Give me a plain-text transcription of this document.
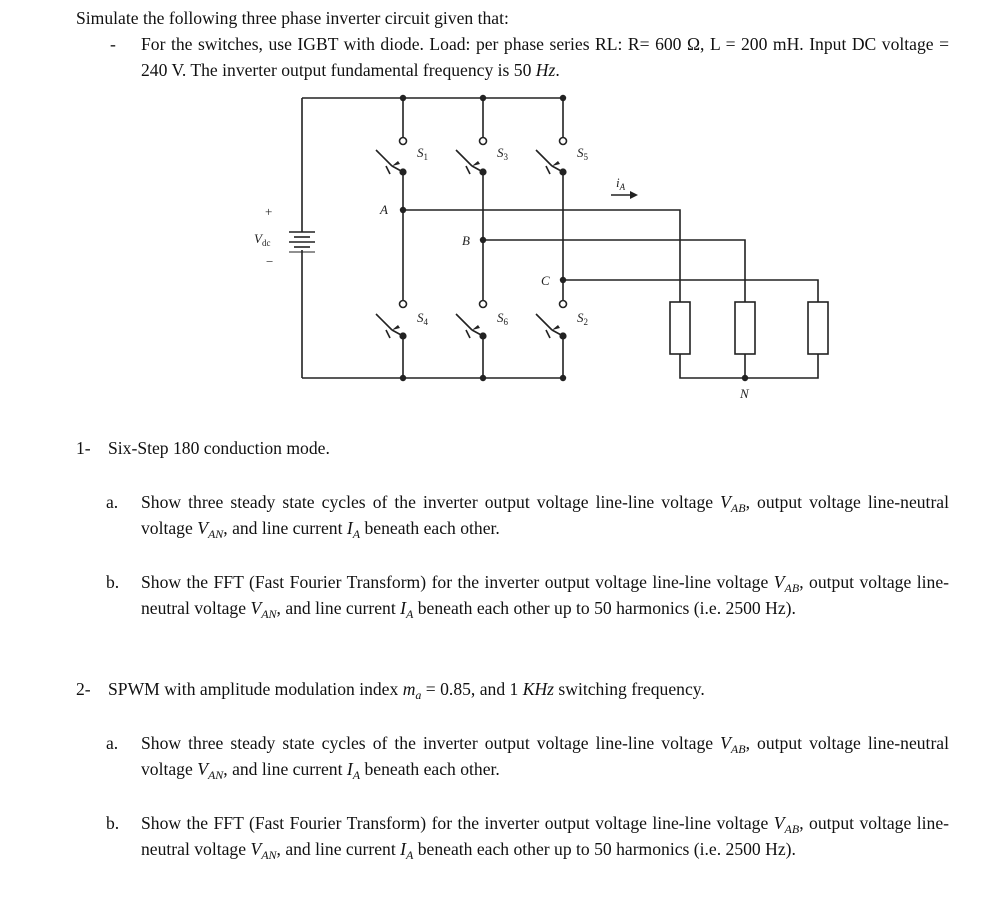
Simulate the following three phase inverter circuit given that:
- For the switches, use IGBT with diode. Load: per phase series RL: R= 600 Ω, L = 200 mH. Input DC voltage = 240 V. The inverter output fundamental frequency is 50 Hz.
$V_{dc}$
+
−
$S_1$	$S_3$	$S_5$
$S_4$	$S_6$	$S_2$
A
B
C
N
$i_A$
1- Six-Step 180 conduction mode.
a. Show three steady state cycles of the inverter output voltage line-line voltage $V_{AB}$, output voltage line-neutral voltage $V_{AN}$, and line current $I_A$ beneath each other.
b. Show the FFT (Fast Fourier Transform) for the inverter output voltage line-line voltage $V_{AB}$, output voltage line-neutral voltage $V_{AN}$, and line current $I_A$ beneath each other up to 50 harmonics (i.e. 2500 Hz).
2- SPWM with amplitude modulation index $m_a = 0.85$, and 1 KHz switching frequency.
a. Show three steady state cycles of the inverter output voltage line-line voltage $V_{AB}$, output voltage line-neutral voltage $V_{AN}$, and line current $I_A$ beneath each other.
b. Show the FFT (Fast Fourier Transform) for the inverter output voltage line-line voltage $V_{AB}$, output voltage line-neutral voltage $V_{AN}$, and line current $I_A$ beneath each other up to 50 harmonics (i.e. 2500 Hz).
